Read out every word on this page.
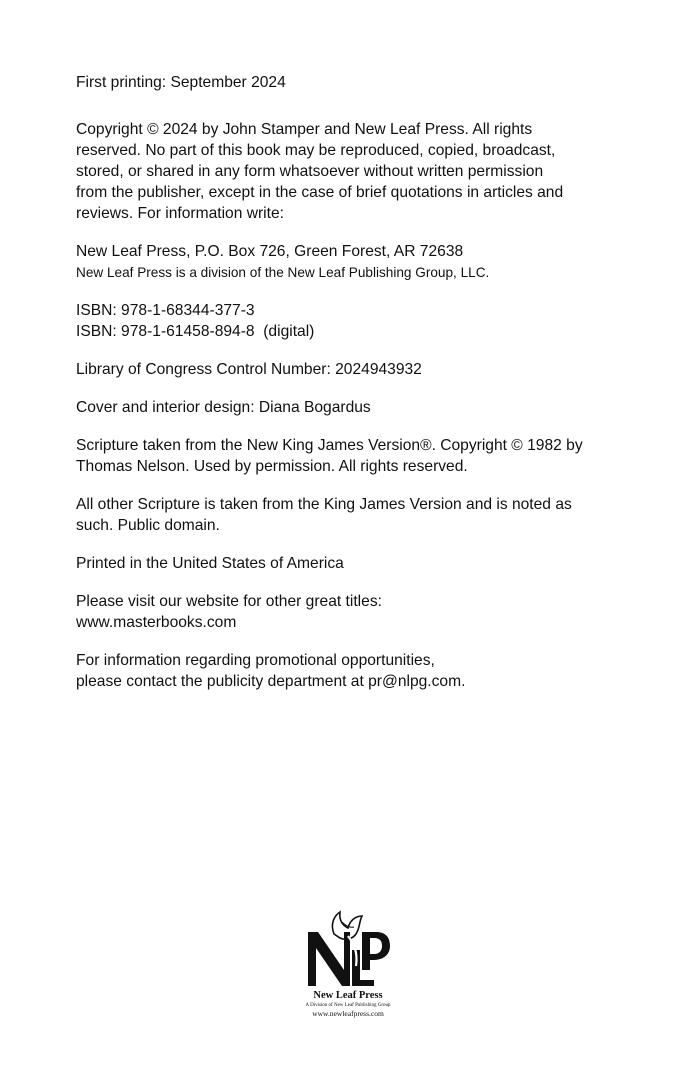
First printing: September 2024
Copyright © 2024 by John Stamper and New Leaf Press. All rights
reserved. No part of this book may be reproduced, copied, broadcast,
stored, or shared in any form whatsoever without written permission
from the publisher, except in the case of brief quotations in articles and
reviews. For information write:
New Leaf Press, P.O. Box 726, Green Forest, AR 72638
New Leaf Press is a division of the New Leaf Publishing Group, LLC.
ISBN: 978-1-68344-377-3
ISBN: 978-1-61458-894-8  (digital)
Library of Congress Control Number: 2024943932
Cover and interior design: Diana Bogardus
Scripture taken from the New King James Version®. Copyright © 1982 by
Thomas Nelson. Used by permission. All rights reserved.
All other Scripture is taken from the King James Version and is noted as
such. Public domain.
Printed in the United States of America
Please visit our website for other great titles:
www.masterbooks.com
For information regarding promotional opportunities,
please contact the publicity department at pr@nlpg.com.
New Leaf Press
A Division of New Leaf Publishing Group
www.newleafpress.com
